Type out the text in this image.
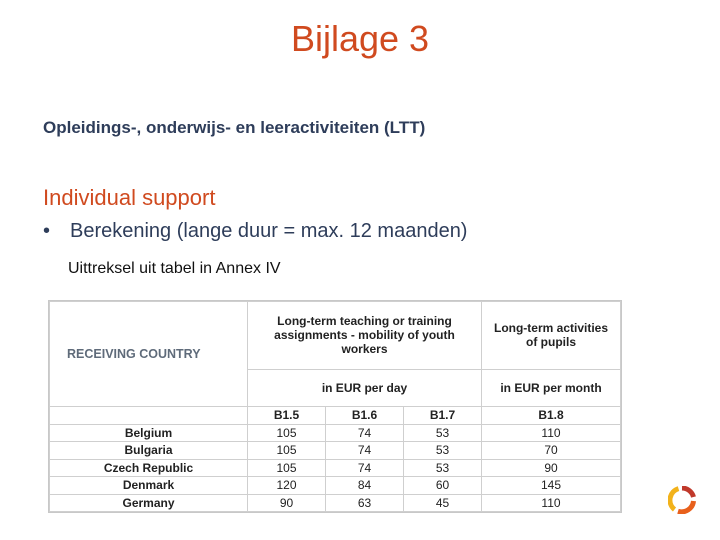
Bijlage 3
Opleidings-, onderwijs- en leeractiviteiten (LTT)
Individual support
• Berekening (lange duur = max. 12 maanden)
Uittreksel uit tabel in Annex IV
RECEIVING COUNTRY	Long-term teaching or training assignments - mobility of youth workers			Long-term activities of pupils
	in EUR per day			in EUR per month
	B1.5	B1.6	B1.7	B1.8
Belgium	105	74	53	110
Bulgaria	105	74	53	70
Czech Republic	105	74	53	90
Denmark	120	84	60	145
Germany	90	63	45	110
